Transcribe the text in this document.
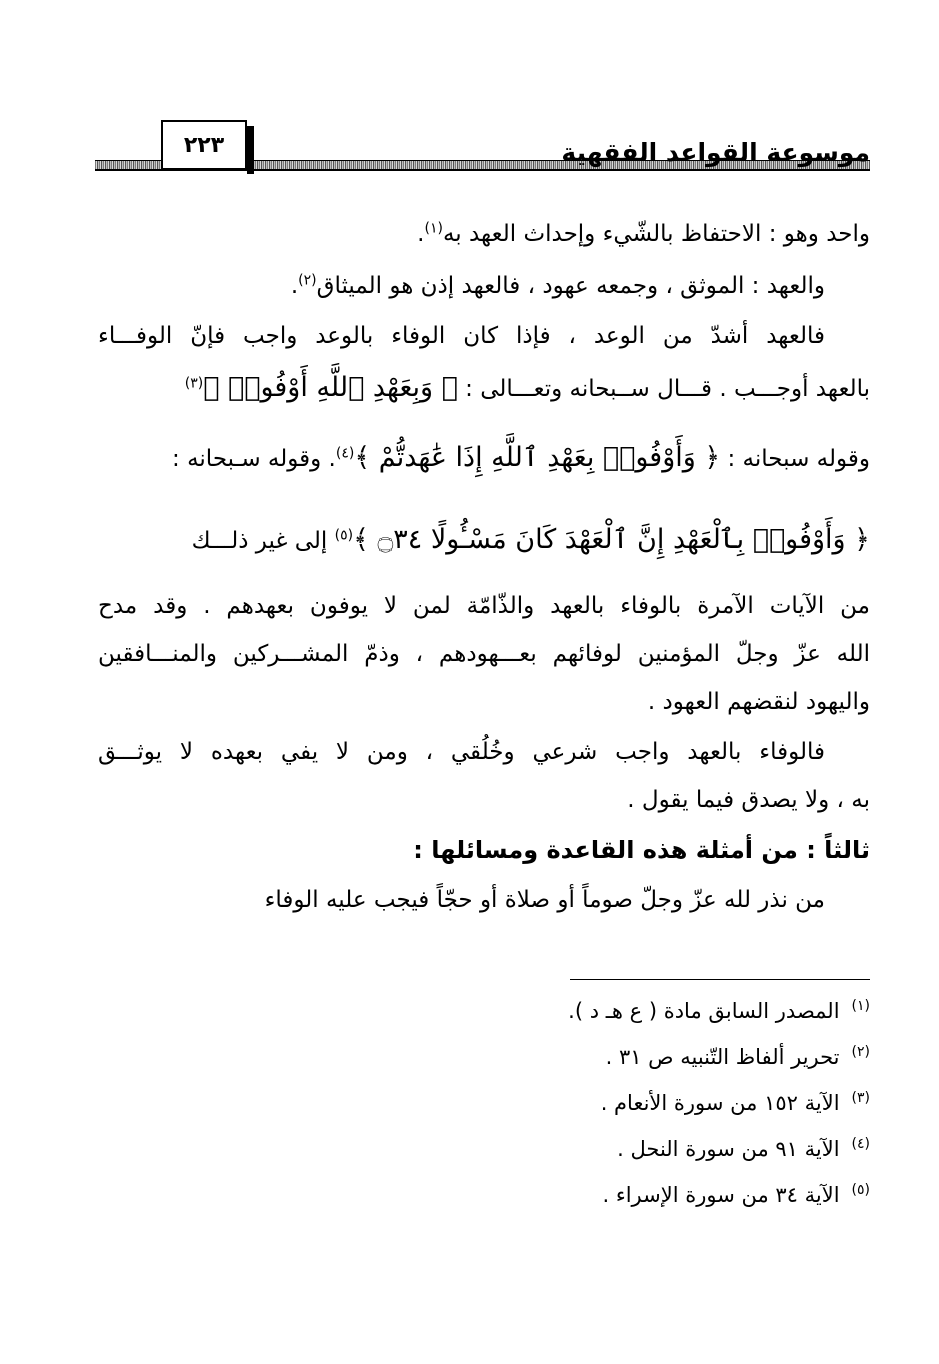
موسوعة القواعد الفقهية
٢٢٣
واحد وهو : الاحتفاظ بالشّيء وإحداث العهد به$^{(١)}$.
والعهد : الموثق ، وجمعه عهود ، فالعهد إذن هو الميثاق$^{(٢)}$.
فالعهد أشدّ من الوعد ، فإذا كان الوفاء بالوعد واجب فإنّ الوفـــاء
بالعهد أوجـــب . قـــال ســبحانه وتعـــالى : ﴿ وَبِعَهْدِ ٱللَّهِ أَوْفُوا۟ ﴾$^{(٣)}$
وقوله سبحانه : ﴿ وَأَوْفُوا۟ بِعَهْدِ ٱللَّهِ إِذَا عَٰهَدتُّمْ ﴾$^{(٤)}$. وقوله سـبحانه :
﴿ وَأَوْفُوا۟ بِٱلْعَهْدِ إِنَّ ٱلْعَهْدَ كَانَ مَسْـُٔولًا ۝٣٤ ﴾$^{(٥)}$ إلى غير ذلـــك
من الآيات الآمرة بالوفاء بالعهد والذّامّة لمن لا يوفون بعهدهم . وقد مدح
الله عزّ وجلّ المؤمنين لوفائهم بعـــهودهم ، وذمّ المشـــركين والمنـــافقين
واليهود لنقضهم العهود .
فالوفاء بالعهد واجب شرعي وخُلُقي ، ومن لا يفي بعهده لا يوثـــق
به ، ولا يصدق فيما يقول .
ثالثاً : من أمثلة هذه القاعدة ومسائلها :
من نذر لله عزّ وجلّ صوماً أو صلاة أو حجّاً فيجب عليه الوفاء
$^{(١)}$المصدر السابق مادة ( ع هـ د ).
$^{(٢)}$تحرير ألفاظ التّنبيه ص ٣١ .
$^{(٣)}$الآية ١٥٢ من سورة الأنعام .
$^{(٤)}$الآية ٩١ من سورة النحل .
$^{(٥)}$الآية ٣٤ من سورة الإسراء .
